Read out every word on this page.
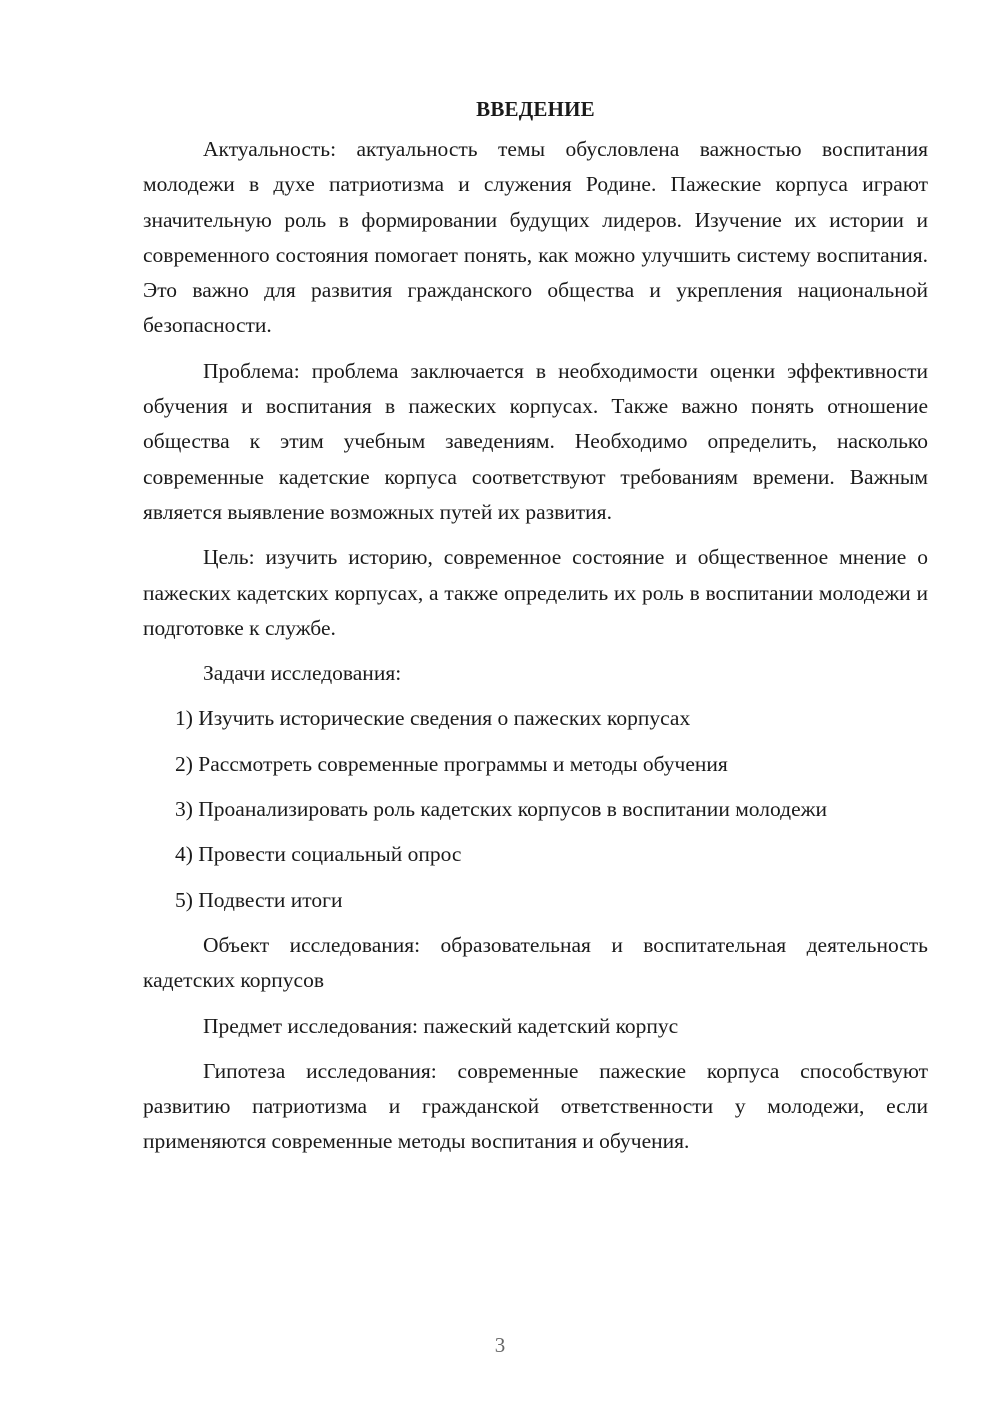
ВВЕДЕНИЕ

Актуальность: актуальность темы обусловлена важностью воспитания молодежи в духе патриотизма и служения Родине. Пажеские корпуса играют значительную роль в формировании будущих лидеров. Изучение их истории и современного состояния помогает понять, как можно улучшить систему воспитания. Это важно для развития гражданского общества и укрепления национальной безопасности.

Проблема: проблема заключается в необходимости оценки эффективности обучения и воспитания в пажеских корпусах. Также важно понять отношение общества к этим учебным заведениям. Необходимо определить, насколько современные кадетские корпуса соответствуют требованиям времени. Важным является выявление возможных путей их развития.

Цель: изучить историю, современное состояние и общественное мнение о пажеских кадетских корпусах, а также определить их роль в воспитании молодежи и подготовке к службе.

Задачи исследования:

1) Изучить исторические сведения о пажеских корпусах

2) Рассмотреть современные программы и методы обучения

3) Проанализировать роль кадетских корпусов в воспитании молодежи

4) Провести социальный опрос

5) Подвести итоги

Объект исследования: образовательная и воспитательная деятельность кадетских корпусов

Предмет исследования: пажеский кадетский корпус

Гипотеза исследования: современные пажеские корпуса способствуют развитию патриотизма и гражданской ответственности у молодежи, если применяются современные методы воспитания и обучения.

3
